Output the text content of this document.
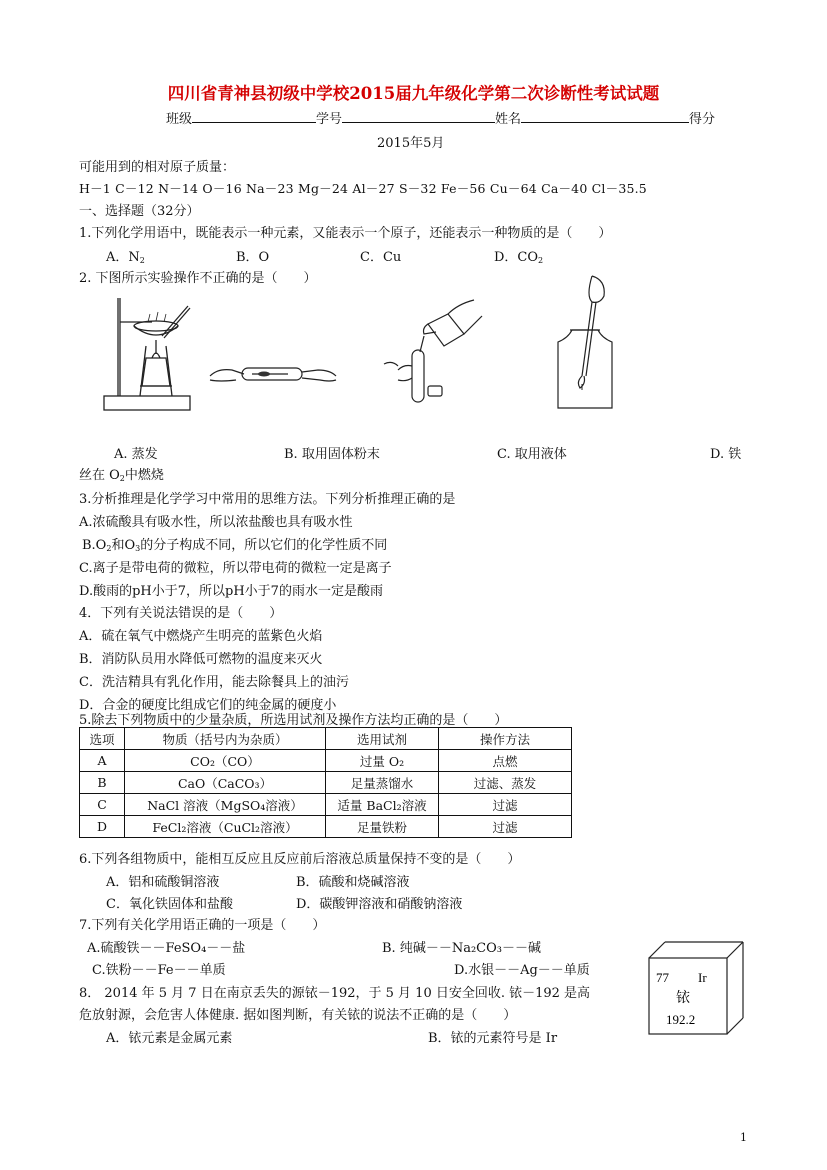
四川省青神县初级中学校2015届九年级化学第二次诊断性考试试题
班级	学号	姓名	得分
2015年5月
可能用到的相对原子质量：
H－1 C－12 N－14 O－16 Na－23 Mg－24 Al－27 S－32 Fe－56 Cu－64 Ca－40 Cl－35.5
一、选择题（32分）
1.下列化学用语中，既能表示一种元素，又能表示一个原子，还能表示一种物质的是（　　）
A．$N_2$	B．O	C．Cu	D．$CO_2$
2. 下图所示实验操作不正确的是（　　）
A. 蒸发	B. 取用固体粉末	C. 取用液体	D. 铁
丝在 $O_2$中燃烧
3.分析推理是化学学习中常用的思维方法。下列分析推理正确的是
A.浓硫酸具有吸水性，所以浓盐酸也具有吸水性
$B.O_2$和$O_3$的分子构成不同，所以它们的化学性质不同
C.离子是带电荷的微粒，所以带电荷的微粒一定是离子
D.酸雨的pH小于7，所以pH小于7的雨水一定是酸雨
4．下列有关说法错误的是（　　）
A．硫在氧气中燃烧产生明亮的蓝紫色火焰
B．消防队员用水降低可燃物的温度来灭火
C．洗洁精具有乳化作用，能去除餐具上的油污
D．合金的硬度比组成它们的纯金属的硬度小
5.除去下列物质中的少量杂质，所选用试剂及操作方法均正确的是（　　）
选项	物质（括号内为杂质）	选用试剂	操作方法
A	CO₂（CO）	过量 O₂	点燃
B	CaO（CaCO₃）	足量蒸馏水	过滤、蒸发
C	NaCl 溶液（MgSO₄溶液）	适量 BaCl₂溶液	过滤
D	FeCl₂溶液（CuCl₂溶液）	足量铁粉	过滤
6.下列各组物质中，能相互反应且反应前后溶液总质量保持不变的是（　　）
A．铝和硫酸铜溶液	B．硫酸和烧碱溶液
C．氧化铁固体和盐酸	D．碳酸钾溶液和硝酸钠溶液
7.下列有关化学用语正确的一项是（　　）
A.硫酸铁－－FeSO₄－－盐	B. 纯碱－－Na₂CO₃－－碱
C.铁粉－－Fe－－单质	D.水银－－Ag－－单质	77 Ir
铱
192.2
8． 2014 年 5 月 7 日在南京丢失的源铱－192，于 5 月 10 日安全回收. 铱－192 是高
危放射源，会危害人体健康. 据如图判断，有关铱的说法不正确的是（　　）
A．铱元素是金属元素	B．铱的元素符号是 Ir
1
